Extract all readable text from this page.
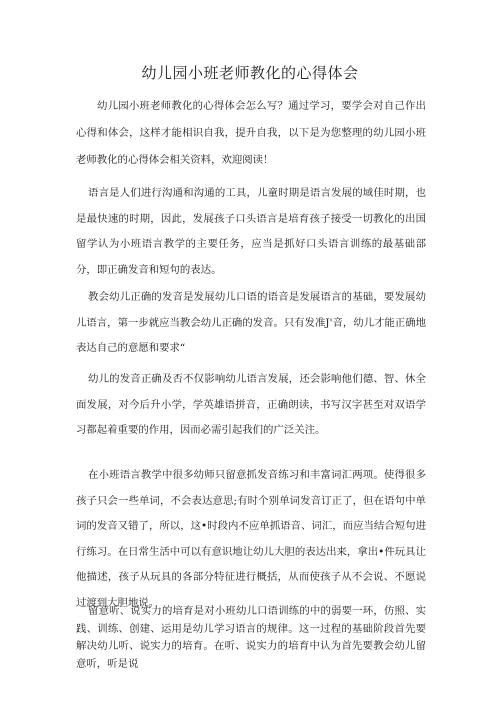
幼儿园小班老师教化的心得体会

幼儿园小班老师教化的心得体会怎么写？通过学习，要学会对自己作出心得和体会，这样才能相识自我，提升自我，以下是为您整理的幼儿园小班老师教化的心得体会相关资料，欢迎阅读！

语言是人们进行沟通和沟通的工具，儿童时期是语言发展的域佳时期，也是最快速的时期，因此，发展孩子口头语言是培育孩子接受一切教化的出国留学认为小班语言教学的主要任务，应当是抓好口头语言训练的最基础部分，即正确发音和短句的表达。

教会幼儿正确的发音是发展幼儿口语的语音是发展语言的基础，要发展幼儿语言，第一步就应当教会幼儿正确的发音。只有发准J'音，幼儿才能正确地表达自己的意愿和要求“

幼儿的发音正确及否不仅影响幼儿语言发展，还会影响他们德、智、休全面发展，对今后升小学，学英雄语拼音，正确朗读，书写汉字甚至对双语学习都起着重要的作用，因而必需引起我们的广泛关注。

在小班语言教学中很多幼师只留意抓发音练习和丰富词汇两项。使得很多孩子只会一些单词，不会表达意思;有时个别单词发音订正了，但在语句中单词的发音又错了，所以，这•时段内不应单抓语音、词汇，而应当结合短句进行练习。在日常生活中可以有意识地让幼儿大胆的表达出来，拿出•件玩具让他描述，孩子从玩具的各部分特征进行概括，从而使孩子从不会说、不愿说过渡到大胆地说。

留意听、说实力的培育是对小班幼儿口语训练的中的弱要一环，仿照、实践、训练、创建、运用是幼儿学习语言的规律。这一过程的基础阶段首先要解决幼儿听、说实力的培育。在听、说实力的培育中认为首先要教会幼儿留意听，听是说
